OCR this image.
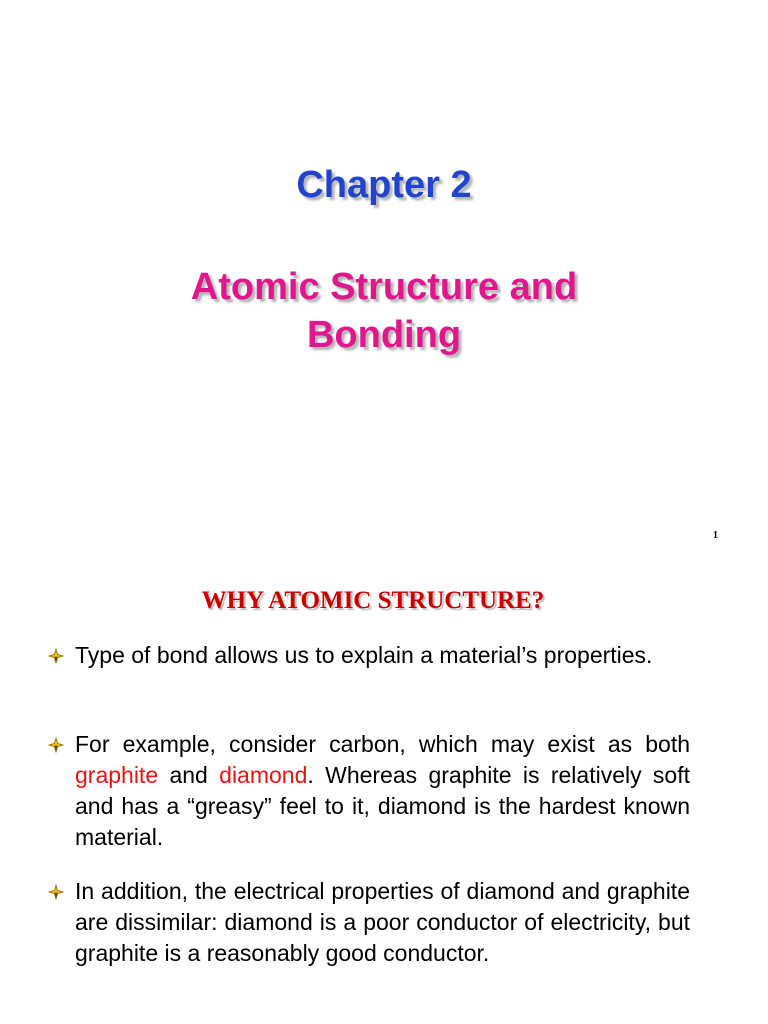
Chapter 2
Atomic Structure and
Bonding
1
WHY ATOMIC STRUCTURE?
Type of bond allows us to explain a material’s properties.
For example, consider carbon, which may exist as both graphite and diamond. Whereas graphite is relatively soft and has a “greasy” feel to it, diamond is the hardest known material.
In addition, the electrical properties of diamond and graphite are dissimilar: diamond is a poor conductor of electricity, but graphite is a reasonably good conductor.
